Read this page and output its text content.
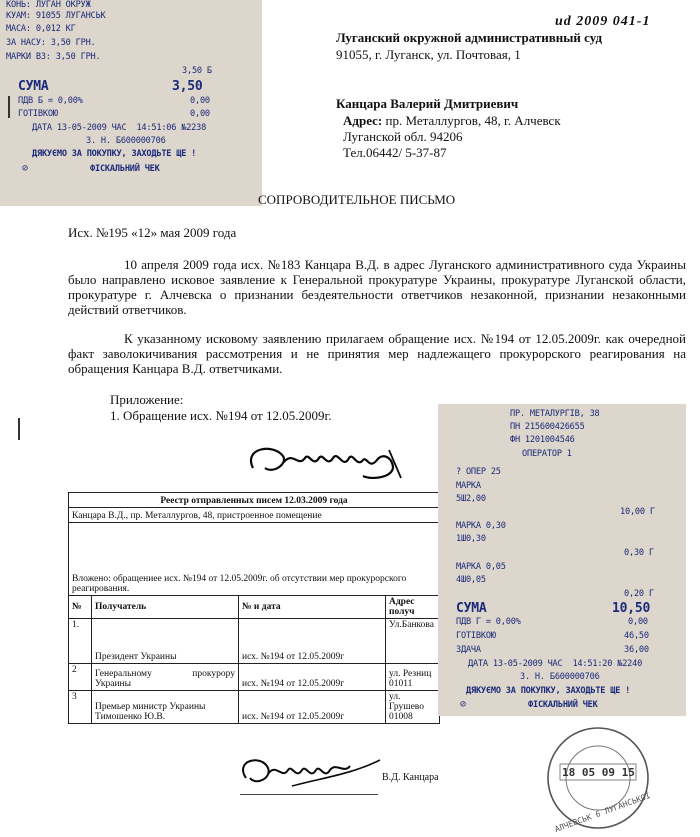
ud 2009 041-1
КОНЬ: ЛУГАН ОКРУЖ
КУАМ: 91055 ЛУГАНСЬК
МАСА: 0,012 КГ
ЗА НАСУ: 3,50 ГРН.
МАРКИ ВЗ: 3,50 ГРН.
3,50 Б
СУМА	3,50
ПДВ Б = 0,00%	0,00
ГОТІВКОЮ	0,00
ДАТА 13-05-2009 ЧАС  14:51:06 №2238
З. Н. Б600000706
ДЯКУЄМО ЗА ПОКУПКУ, ЗАХОДЬТЕ ЩЕ !
⊘	ФІСКАЛЬНИЙ ЧЕК
Луганский окружной административный суд
91055, г. Луганск, ул. Почтовая, 1
Канцара Валерий Дмитриевич
Адрес: пр. Металлургов, 48, г. Алчевск
Луганской обл. 94206
Тел.06442/ 5-37-87
СОПРОВОДИТЕЛЬНОЕ ПИСЬМО
Исх. №195 «12» мая 2009 года
10 апреля 2009 года исх. №183 Канцара В.Д. в адрес Луганского административного суда Украины было направлено исковое заявление к Генеральной прокуратуре Украины, прокуратуре Луганской области, прокуратуре г. Алчевска о признании бездеятельности ответчиков незаконной, признании незаконными действий ответчиков.
К указанному исковому заявлению прилагаем обращение исх. №194 от 12.05.2009г. как очередной факт заволокичивания рассмотрения и не принятия мер надлежащего прокурорского реагирования на обращения Канцара В.Д. ответчиками.
Приложение:
1. Обращение исх. №194 от 12.05.2009г.
Реестр отправленных писем 12.03.2009 года			
Канцара В.Д., пр. Металлургов, 48, пристроенное помещение			
Вложено: обращениее исх. №194 от 12.05.2009г. об отсутствии мер прокурорского реагирования.			
№	Получатель	№ и дата	Адрес получ
1.	Президент Украины	исх. №194 от 12.05.2009г	Ул.Банкова
2	Генеральному прокурору Украины	исх. №194 от 12.05.2009г	ул. Резниц
01011
3	Премьер министр Украины Тимошенко Ю.В.	исх. №194 от 12.05.2009г	ул. Грушево
01008
В.Д. Канцара
ПР. МЕТАЛУРГІВ, 38
ПН 215600426655
ФН 1201004546
ОПЕРАТОР 1
? ОПЕР 25
МАРКА
5Ш2,00
10,00 Г
МАРКА 0,30
1Ш0,30
0,30 Г
МАРКА 0,05
4Ш0,05
0,20 Г
СУМА	10,50
ПДВ Г = 0,00%	0,00
ГОТІВКОЮ	46,50
ЗДАЧА	36,00
ДАТА 13-05-2009 ЧАС  14:51:20 №2240
З. Н. Б600000706
ДЯКУЄМО ЗА ПОКУПКУ, ЗАХОДЬТЕ ЩЕ !
⊘	ФІСКАЛЬНИЙ ЧЕК
18 05 09 15
АЛЧЕВСЬК 6 ЛУГАНСЬКОЇ
